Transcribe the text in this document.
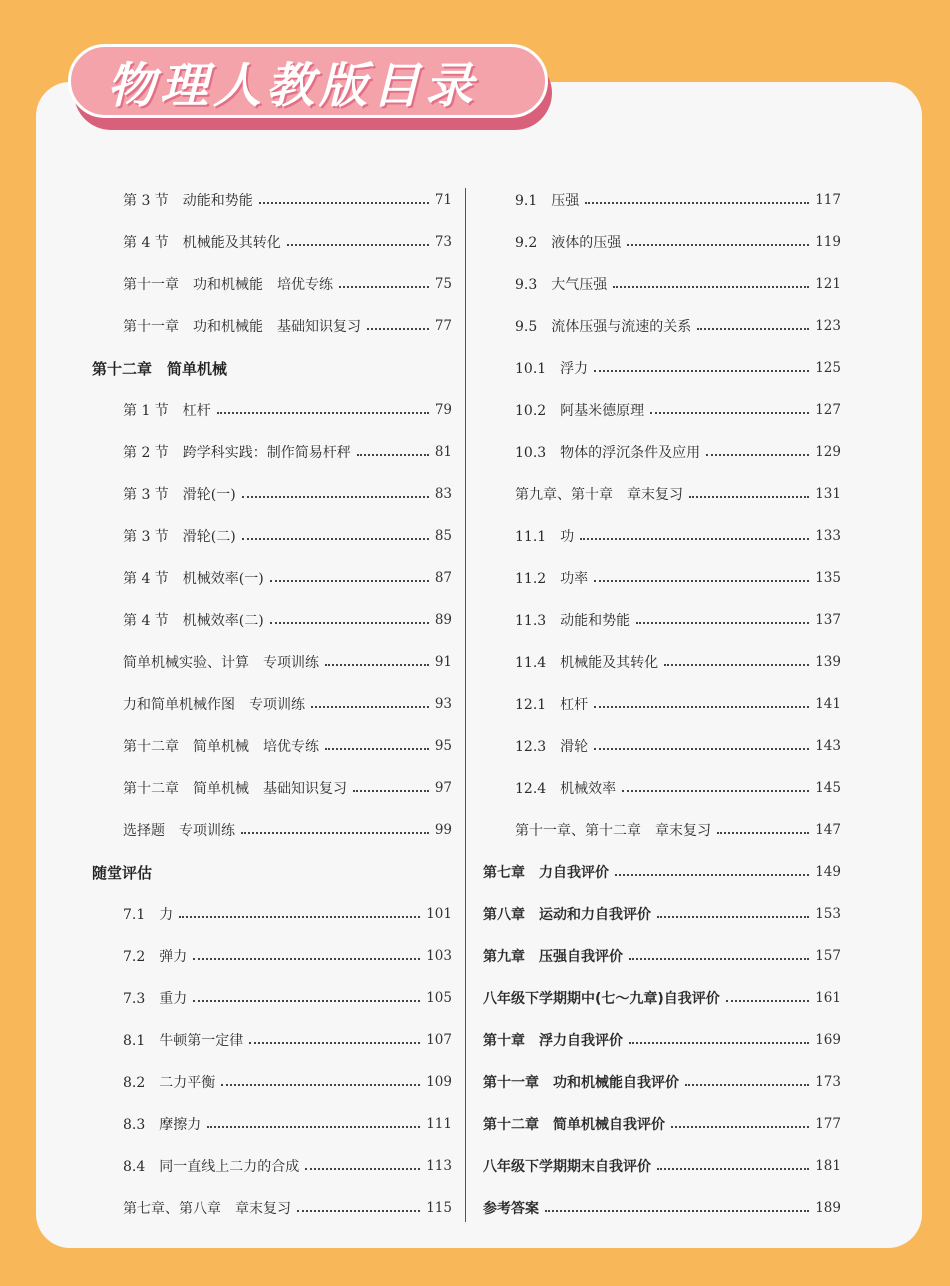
物理人教版目录
第 3 节　动能和势能	71
第 4 节　机械能及其转化	73
第十一章　功和机械能　培优专练	75
第十一章　功和机械能　基础知识复习	77
第十二章　简单机械
第 1 节　杠杆	79
第 2 节　跨学科实践：制作简易杆秤	81
第 3 节　滑轮(一)	83
第 3 节　滑轮(二)	85
第 4 节　机械效率(一)	87
第 4 节　机械效率(二)	89
简单机械实验、计算　专项训练	91
力和简单机械作图　专项训练	93
第十二章　简单机械　培优专练	95
第十二章　简单机械　基础知识复习	97
选择题　专项训练	99
随堂评估
7.1　力	101
7.2　弹力	103
7.3　重力	105
8.1　牛顿第一定律	107
8.2　二力平衡	109
8.3　摩擦力	111
8.4　同一直线上二力的合成	113
第七章、第八章　章末复习	115
9.1　压强	117
9.2　液体的压强	119
9.3　大气压强	121
9.5　流体压强与流速的关系	123
10.1　浮力	125
10.2　阿基米德原理	127
10.3　物体的浮沉条件及应用	129
第九章、第十章　章末复习	131
11.1　功	133
11.2　功率	135
11.3　动能和势能	137
11.4　机械能及其转化	139
12.1　杠杆	141
12.3　滑轮	143
12.4　机械效率	145
第十一章、第十二章　章末复习	147
第七章　力自我评价	149
第八章　运动和力自我评价	153
第九章　压强自我评价	157
八年级下学期期中(七～九章)自我评价	161
第十章　浮力自我评价	169
第十一章　功和机械能自我评价	173
第十二章　简单机械自我评价	177
八年级下学期期末自我评价	181
参考答案	189
